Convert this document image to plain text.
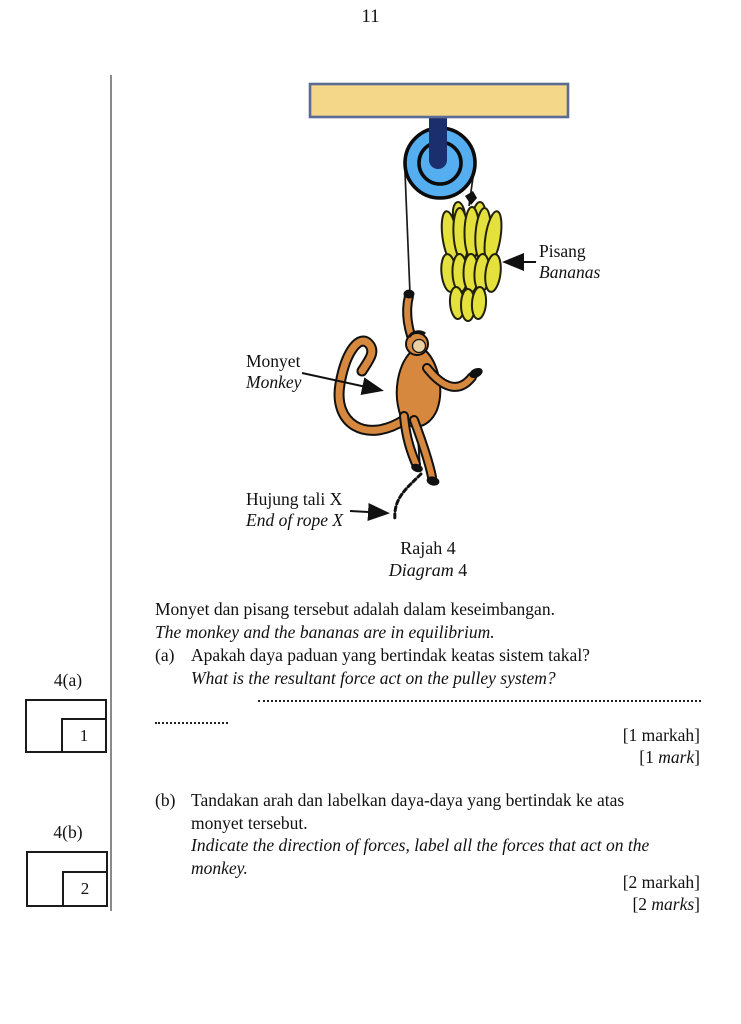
11
Pisang
Bananas
Monyet
Monkey
Hujung tali X
End of rope X
Rajah 4
Diagram 4
Monyet dan pisang tersebut adalah dalam keseimbangan.
The monkey and the bananas are in equilibrium.
(a) Apakah daya paduan yang bertindak keatas sistem takal?
What is the resultant force act on the pulley system?
[1 markah]
[1 mark]
(b) Tandakan arah dan labelkan daya-daya yang bertindak ke atas
monyet tersebut.
Indicate the direction of forces, label all the forces that act on the
monkey.
[2 markah]
[2 marks]
4(a)
1
4(b)
2
